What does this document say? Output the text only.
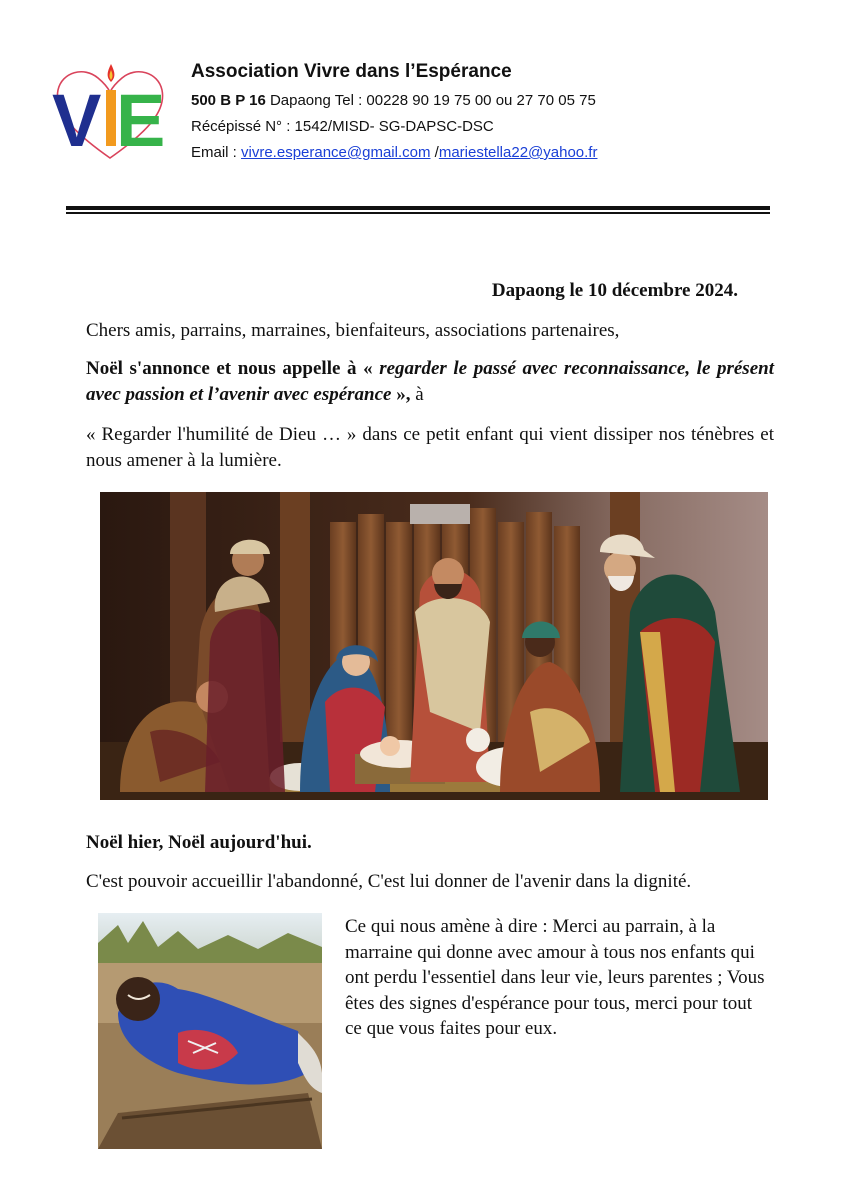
V E
Association Vivre dans l’Espérance
500 B P 16 Dapaong Tel : 00228 90 19 75 00 ou 27 70 05 75
Récépissé N° : 1542/MISD- SG-DAPSC-DSC
Email : vivre.esperance@gmail.com /mariestella22@yahoo.fr
Dapaong le 10 décembre 2024.
Chers amis, parrains, marraines, bienfaiteurs, associations partenaires,
Noël s'annonce et nous appelle à « regarder le passé avec reconnaissance, le présent avec passion et l’avenir avec espérance », à
« Regarder l'humilité de Dieu … » dans ce petit enfant qui vient dissiper nos ténèbres et nous amener à la lumière.
Noël hier, Noël aujourd'hui.
C'est pouvoir accueillir l'abandonné, C'est lui donner de l'avenir dans la dignité.
Ce qui nous amène à dire : Merci au parrain, à la marraine qui donne avec amour à tous nos enfants qui ont perdu l'essentiel dans leur vie, leurs parentes ; Vous êtes des signes d'espérance pour tous, merci pour tout ce que vous faites pour eux.
